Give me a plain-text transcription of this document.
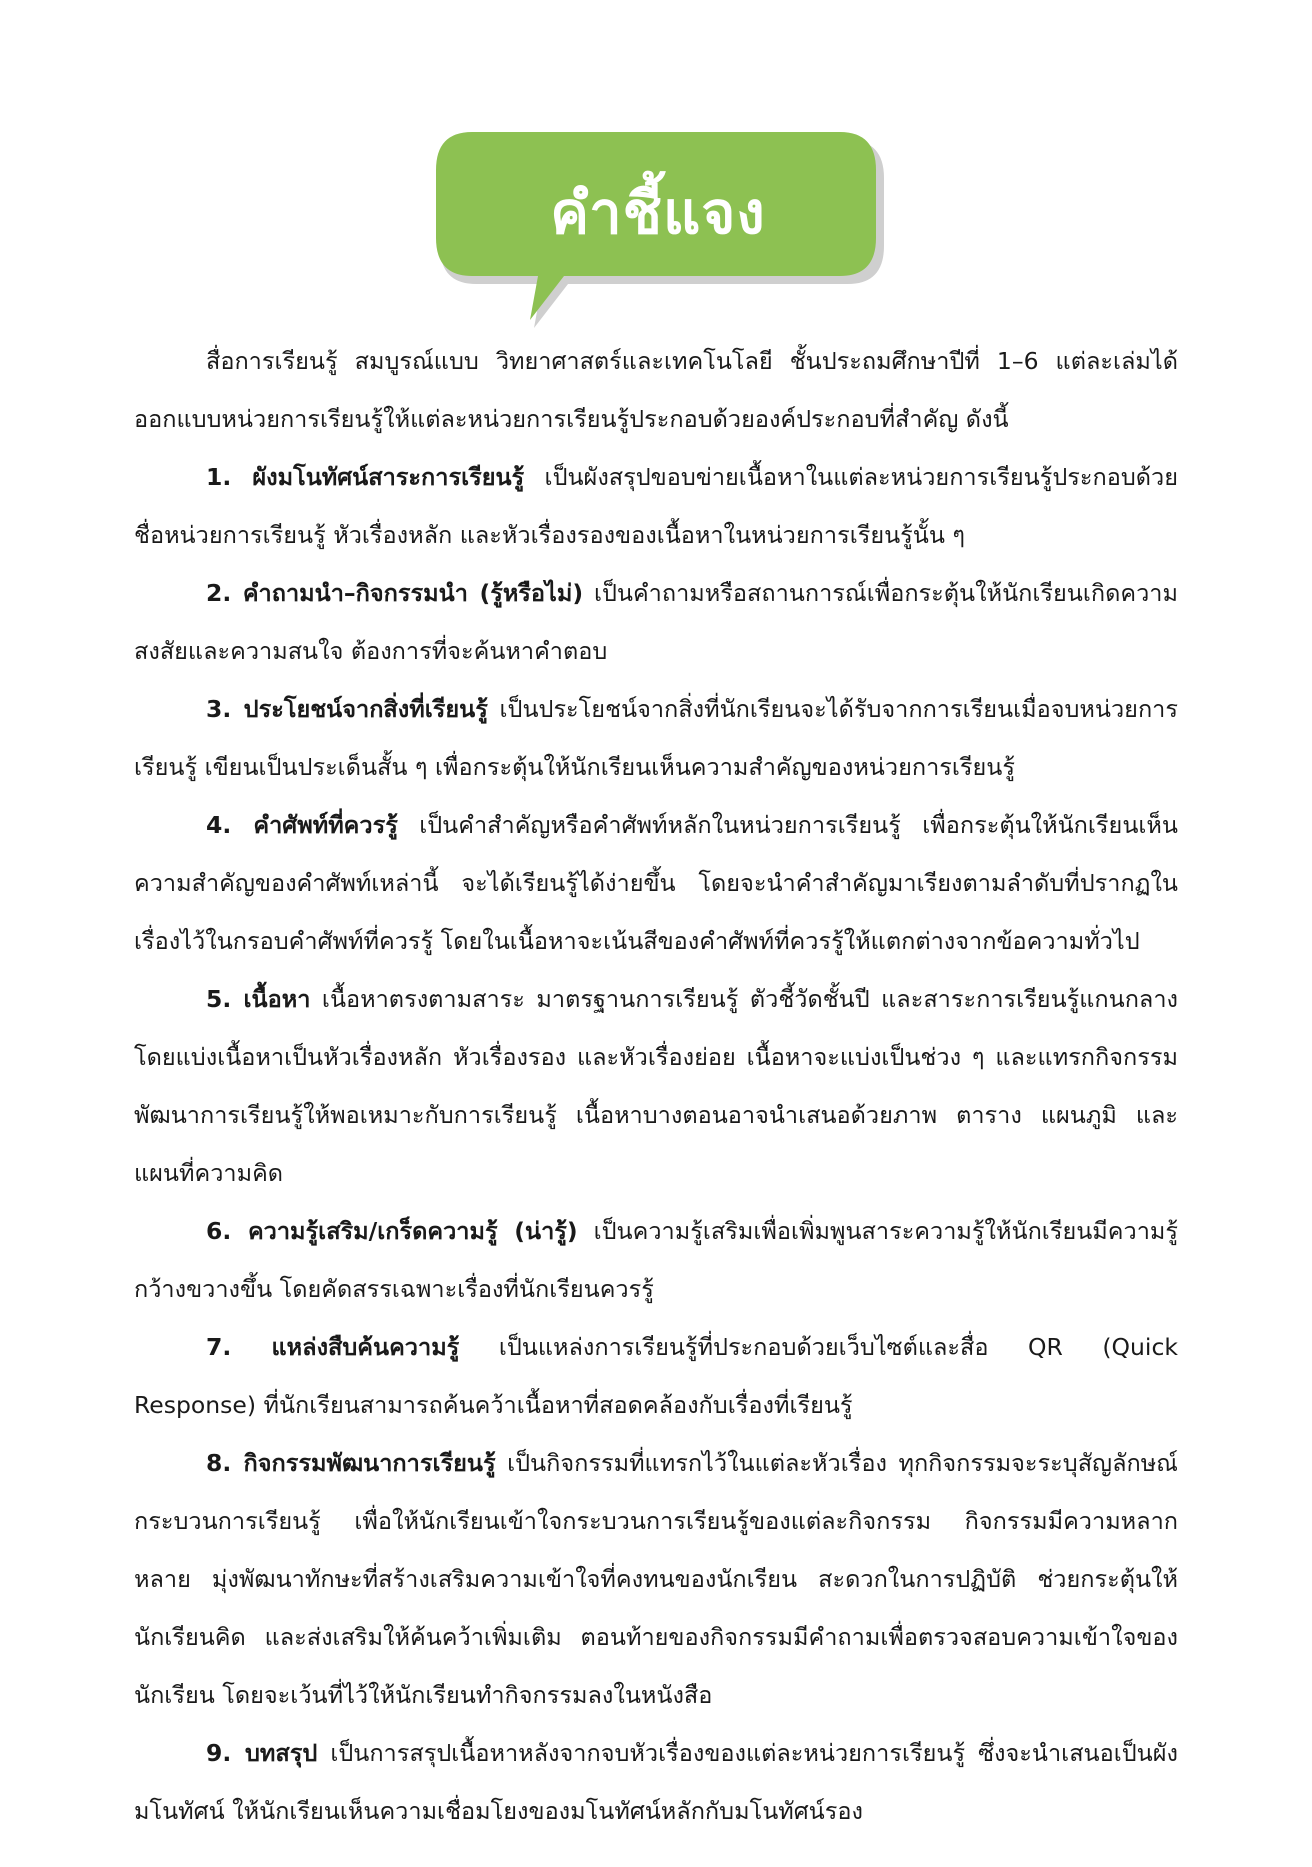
คำชี้แจง

สื่อการเรียนรู้ สมบูรณ์แบบ วิทยาศาสตร์และเทคโนโลยี ชั้นประถมศึกษาปีที่ 1–6 แต่ละเล่มได้ออกแบบหน่วยการเรียนรู้ให้แต่ละหน่วยการเรียนรู้ประกอบด้วยองค์ประกอบที่สำคัญ ดังนี้

1. ผังมโนทัศน์สาระการเรียนรู้ เป็นผังสรุปขอบข่ายเนื้อหาในแต่ละหน่วยการเรียนรู้ประกอบด้วยชื่อหน่วยการเรียนรู้ หัวเรื่องหลัก และหัวเรื่องรองของเนื้อหาในหน่วยการเรียนรู้นั้น ๆ

2. คำถามนำ–กิจกรรมนำ (รู้หรือไม่) เป็นคำถามหรือสถานการณ์เพื่อกระตุ้นให้นักเรียนเกิดความสงสัยและความสนใจ ต้องการที่จะค้นหาคำตอบ

3. ประโยชน์จากสิ่งที่เรียนรู้ เป็นประโยชน์จากสิ่งที่นักเรียนจะได้รับจากการเรียนเมื่อจบหน่วยการเรียนรู้ เขียนเป็นประเด็นสั้น ๆ เพื่อกระตุ้นให้นักเรียนเห็นความสำคัญของหน่วยการเรียนรู้

4. คำศัพท์ที่ควรรู้ เป็นคำสำคัญหรือคำศัพท์หลักในหน่วยการเรียนรู้ เพื่อกระตุ้นให้นักเรียนเห็นความสำคัญของคำศัพท์เหล่านี้ จะได้เรียนรู้ได้ง่ายขึ้น โดยจะนำคำสำคัญมาเรียงตามลำดับที่ปรากฏในเรื่องไว้ในกรอบคำศัพท์ที่ควรรู้ โดยในเนื้อหาจะเน้นสีของคำศัพท์ที่ควรรู้ให้แตกต่างจากข้อความทั่วไป

5. เนื้อหา เนื้อหาตรงตามสาระ มาตรฐานการเรียนรู้ ตัวชี้วัดชั้นปี และสาระการเรียนรู้แกนกลาง โดยแบ่งเนื้อหาเป็นหัวเรื่องหลัก หัวเรื่องรอง และหัวเรื่องย่อย เนื้อหาจะแบ่งเป็นช่วง ๆ และแทรกกิจกรรมพัฒนาการเรียนรู้ให้พอเหมาะกับการเรียนรู้ เนื้อหาบางตอนอาจนำเสนอด้วยภาพ ตาราง แผนภูมิ และแผนที่ความคิด

6. ความรู้เสริม/เกร็ดความรู้ (น่ารู้) เป็นความรู้เสริมเพื่อเพิ่มพูนสาระความรู้ให้นักเรียนมีความรู้กว้างขวางขึ้น โดยคัดสรรเฉพาะเรื่องที่นักเรียนควรรู้

7. แหล่งสืบค้นความรู้ เป็นแหล่งการเรียนรู้ที่ประกอบด้วยเว็บไซต์และสื่อ QR (Quick Response) ที่นักเรียนสามารถค้นคว้าเนื้อหาที่สอดคล้องกับเรื่องที่เรียนรู้

8. กิจกรรมพัฒนาการเรียนรู้ เป็นกิจกรรมที่แทรกไว้ในแต่ละหัวเรื่อง ทุกกิจกรรมจะระบุสัญลักษณ์กระบวนการเรียนรู้ เพื่อให้นักเรียนเข้าใจกระบวนการเรียนรู้ของแต่ละกิจกรรม กิจกรรมมีความหลากหลาย มุ่งพัฒนาทักษะที่สร้างเสริมความเข้าใจที่คงทนของนักเรียน สะดวกในการปฏิบัติ ช่วยกระตุ้นให้นักเรียนคิด และส่งเสริมให้ค้นคว้าเพิ่มเติม ตอนท้ายของกิจกรรมมีคำถามเพื่อตรวจสอบความเข้าใจของนักเรียน โดยจะเว้นที่ไว้ให้นักเรียนทำกิจกรรมลงในหนังสือ

9. บทสรุป เป็นการสรุปเนื้อหาหลังจากจบหัวเรื่องของแต่ละหน่วยการเรียนรู้ ซึ่งจะนำเสนอเป็นผังมโนทัศน์ ให้นักเรียนเห็นความเชื่อมโยงของมโนทัศน์หลักกับมโนทัศน์รอง
